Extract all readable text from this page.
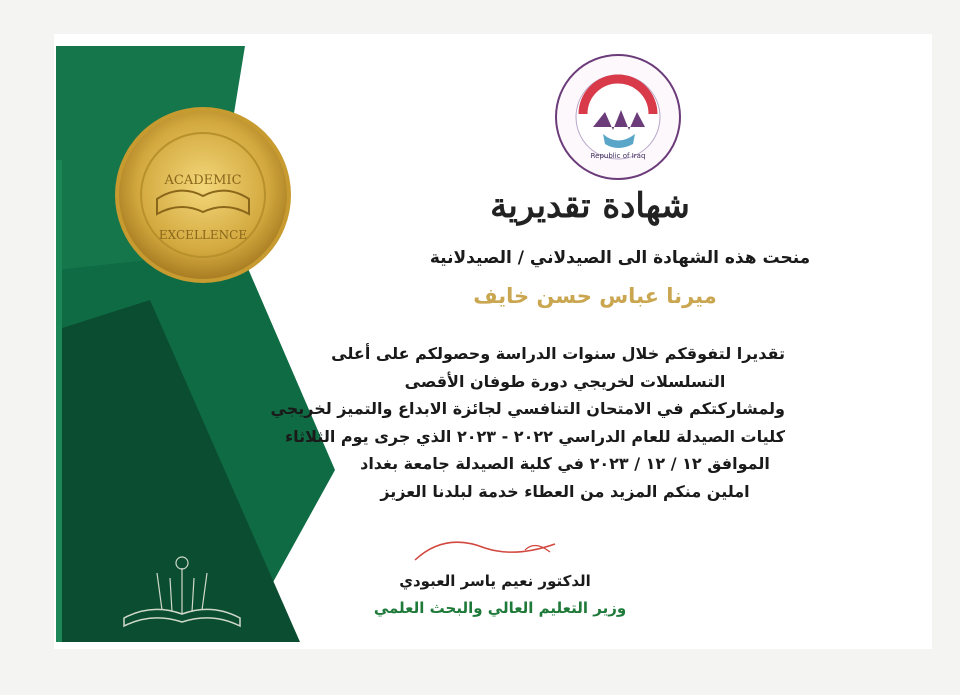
ACADEMIC
EXCELLENCE
Republic of Iraq
شهادة تقديرية
منحت هذه الشهادة الى الصيدلاني / الصيدلانية
ميرنا عباس حسن خايف
تقديرا لتفوقكم خلال سنوات الدراسة وحصولكم على أعلى
التسلسلات لخريجي دورة طوفان الأقصى
ولمشاركتكم في الامتحان التنافسي لجائزة الابداع والتميز لخريجي
كليات الصيدلة للعام الدراسي ٢٠٢٢ - ٢٠٢٣ الذي جرى يوم الثلاثاء
الموافق ١٢ / ١٢ / ٢٠٢٣ في كلية الصيدلة جامعة بغداد
املين منكم المزيد من العطاء خدمة لبلدنا العزيز
الدكتور نعيم ياسر العبودي
وزير التعليم العالي والبحث العلمي
